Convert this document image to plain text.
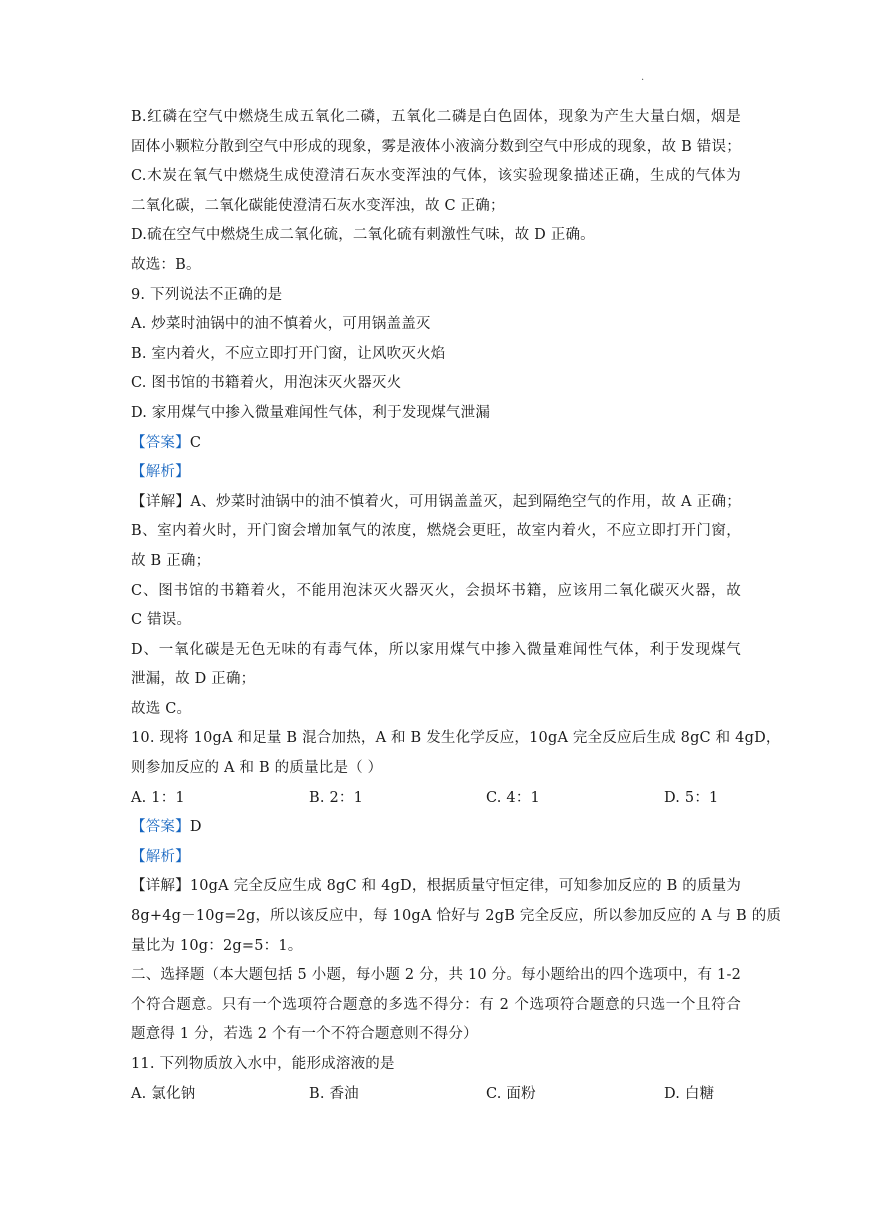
.
B.红磷在空气中燃烧生成五氧化二磷，五氧化二磷是白色固体，现象为产生大量白烟，烟是
固体小颗粒分散到空气中形成的现象，雾是液体小液滴分数到空气中形成的现象，故 B 错误；
C.木炭在氧气中燃烧生成使澄清石灰水变浑浊的气体，该实验现象描述正确，生成的气体为
二氧化碳，二氧化碳能使澄清石灰水变浑浊，故 C 正确；
D.硫在空气中燃烧生成二氧化硫，二氧化硫有刺激性气味，故 D 正确。
故选：B。
9. 下列说法不正确的是
A. 炒菜时油锅中的油不慎着火，可用锅盖盖灭
B. 室内着火，不应立即打开门窗，让风吹灭火焰
C. 图书馆的书籍着火，用泡沫灭火器灭火
D. 家用煤气中掺入微量难闻性气体，利于发现煤气泄漏
【答案】C
【解析】
【详解】A、炒菜时油锅中的油不慎着火，可用锅盖盖灭，起到隔绝空气的作用，故 A 正确；
B、室内着火时，开门窗会增加氧气的浓度，燃烧会更旺，故室内着火，不应立即打开门窗，
故 B 正确；
C、图书馆的书籍着火，不能用泡沫灭火器灭火，会损坏书籍，应该用二氧化碳灭火器，故
C 错误。
D、一氧化碳是无色无味的有毒气体，所以家用煤气中掺入微量难闻性气体，利于发现煤气
泄漏，故 D 正确；
故选 C。
10. 现将 10gA 和足量 B 混合加热，A 和 B 发生化学反应，10gA 完全反应后生成 8gC 和 4gD，
则参加反应的 A 和 B 的质量比是（ ）
A. 1：1	B. 2：1	C. 4：1	D. 5：1
【答案】D
【解析】
【详解】10gA 完全反应生成 8gC 和 4gD，根据质量守恒定律，可知参加反应的 B 的质量为
8g+4g－10g=2g，所以该反应中，每 10gA 恰好与 2gB 完全反应，所以参加反应的 A 与 B 的质
量比为 10g：2g=5：1。
二、选择题（本大题包括 5 小题，每小题 2 分，共 10 分。每小题给出的四个选项中，有 1-2
个符合题意。只有一个选项符合题意的多选不得分：有 2 个选项符合题意的只选一个且符合
题意得 1 分，若选 2 个有一个不符合题意则不得分）
11. 下列物质放入水中，能形成溶液的是
A. 氯化钠	B. 香油	C. 面粉	D. 白糖
